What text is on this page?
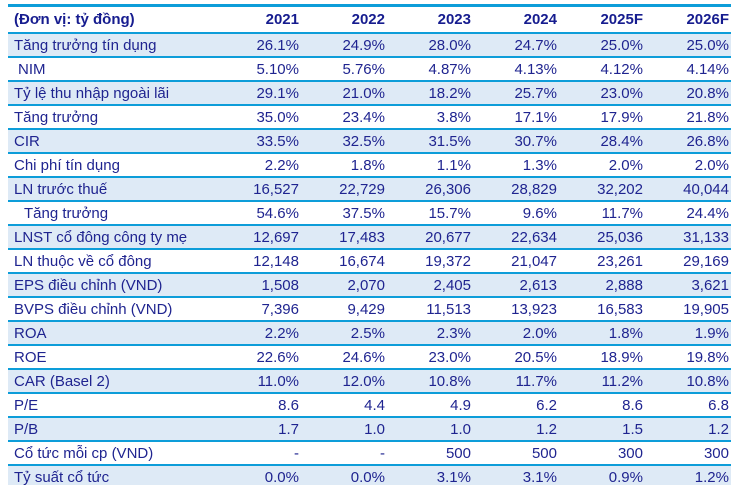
(Đơn vị: tỷ đồng)	2021	2022	2023	2024	2025F	2026F
Tăng trưởng tín dụng	26.1%	24.9%	28.0%	24.7%	25.0%	25.0%
NIM	5.10%	5.76%	4.87%	4.13%	4.12%	4.14%
Tỷ lệ thu nhập ngoài lãi	29.1%	21.0%	18.2%	25.7%	23.0%	20.8%
Tăng trưởng	35.0%	23.4%	3.8%	17.1%	17.9%	21.8%
CIR	33.5%	32.5%	31.5%	30.7%	28.4%	26.8%
Chi phí tín dụng	2.2%	1.8%	1.1%	1.3%	2.0%	2.0%
LN trước thuế	16,527	22,729	26,306	28,829	32,202	40,044
Tăng trưởng	54.6%	37.5%	15.7%	9.6%	11.7%	24.4%
LNST cổ đông công ty mẹ	12,697	17,483	20,677	22,634	25,036	31,133
LN thuộc về cổ đông	12,148	16,674	19,372	21,047	23,261	29,169
EPS điều chỉnh (VND)	1,508	2,070	2,405	2,613	2,888	3,621
BVPS điều chỉnh (VND)	7,396	9,429	11,513	13,923	16,583	19,905
ROA	2.2%	2.5%	2.3%	2.0%	1.8%	1.9%
ROE	22.6%	24.6%	23.0%	20.5%	18.9%	19.8%
CAR (Basel 2)	11.0%	12.0%	10.8%	11.7%	11.2%	10.8%
P/E	8.6	4.4	4.9	6.2	8.6	6.8
P/B	1.7	1.0	1.0	1.2	1.5	1.2
Cổ tức mỗi cp (VND)	-	-	500	500	300	300
Tỷ suất cổ tức	0.0%	0.0%	3.1%	3.1%	0.9%	1.2%
